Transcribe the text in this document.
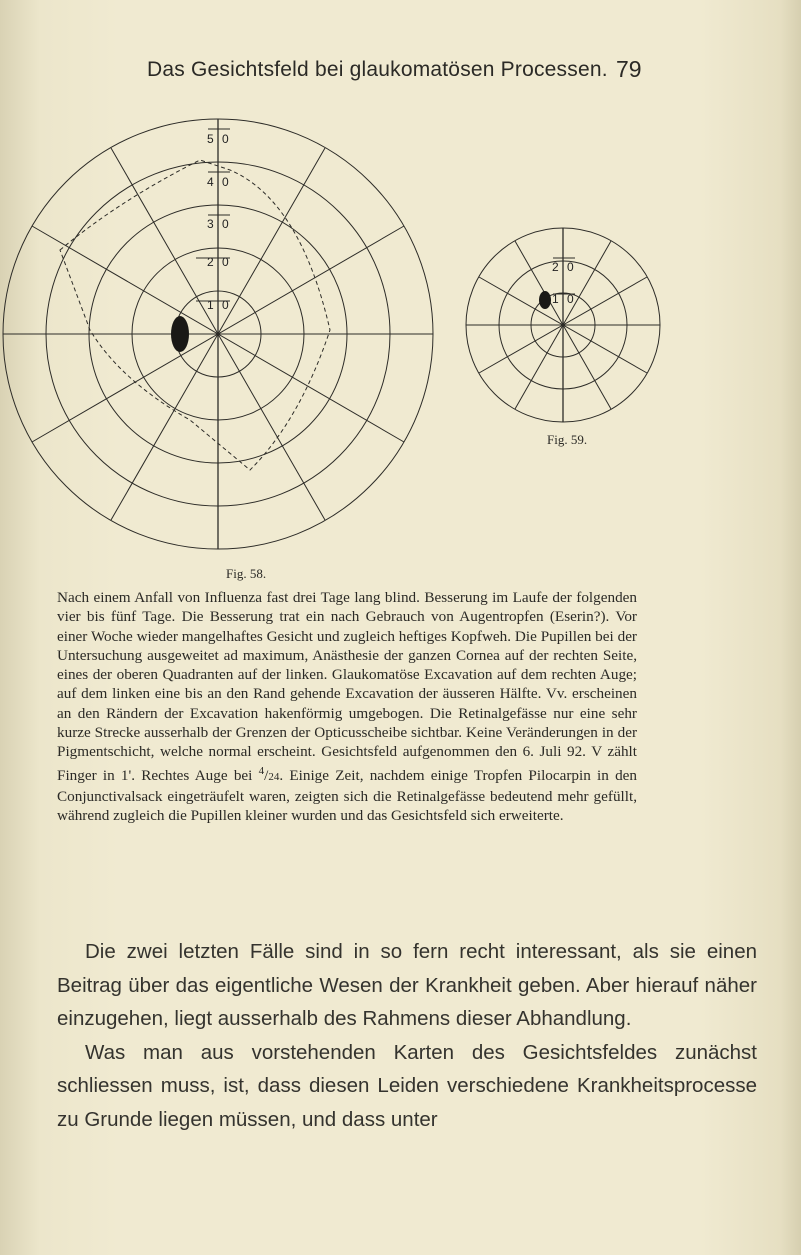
Das Gesichtsfeld bei glaukomatösen Processen. 79
5
4
3
2
1
0
0
0
0
0
2
1
0
0
Fig. 58.
Fig. 59.

Nach einem Anfall von Influenza fast drei Tage lang blind. Besserung im Laufe der folgenden vier bis fünf Tage. Die Besserung trat ein nach Gebrauch von Augentropfen (Eserin?). Vor einer Woche wieder mangelhaftes Gesicht und zugleich heftiges Kopfweh. Die Pupillen bei der Untersuchung ausgeweitet ad maximum, Anästhesie der ganzen Cornea auf der rechten Seite, eines der oberen Quadranten auf der linken. Glaukomatöse Excavation auf dem rechten Auge; auf dem linken eine bis an den Rand gehende Excavation der äusseren Hälfte. Vv. erscheinen an den Rändern der Excavation hakenförmig umgebogen. Die Retinalgefässe nur eine sehr kurze Strecke ausserhalb der Grenzen der Opticusscheibe sichtbar. Keine Veränderungen in der Pigmentschicht, welche normal erscheint. Gesichtsfeld aufgenommen den 6. Juli 92. V zählt Finger in 1'. Rechtes Auge bei $^4$/24. Einige Zeit, nachdem einige Tropfen Pilocarpin in den Conjunctivalsack eingeträufelt waren, zeigten sich die Retinalgefässe bedeutend mehr gefüllt, während zugleich die Pupillen kleiner wurden und das Gesichtsfeld sich erweiterte.

Die zwei letzten Fälle sind in so fern recht interessant, als sie einen Beitrag über das eigentliche Wesen der Krankheit geben. Aber hierauf näher einzugehen, liegt ausserhalb des Rahmens dieser Abhandlung.

Was man aus vorstehenden Karten des Gesichtsfeldes zunächst schliessen muss, ist, dass diesen Leiden verschiedene Krankheitsprocesse zu Grunde liegen müssen, und dass unter
